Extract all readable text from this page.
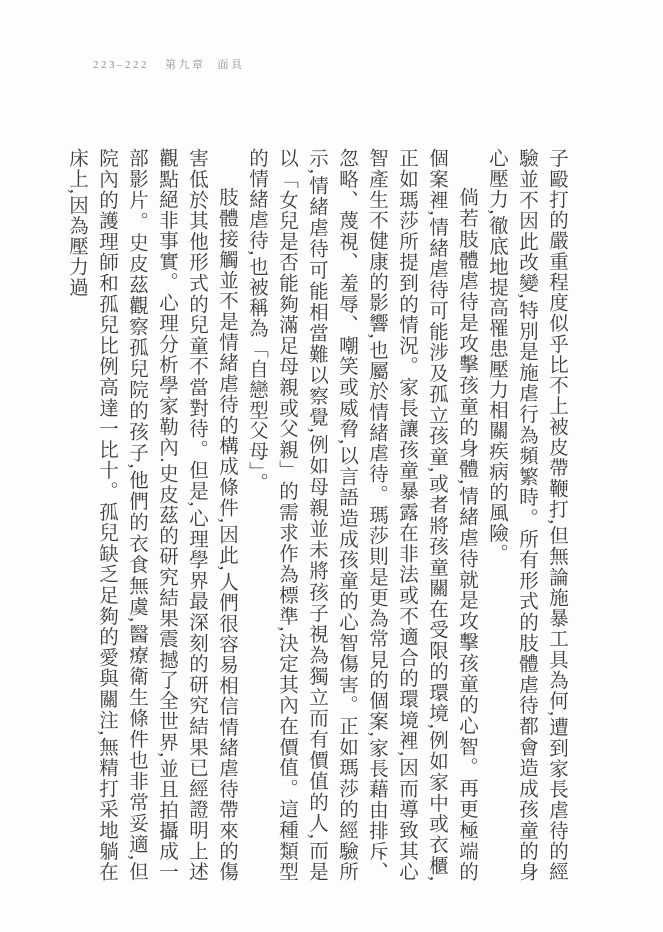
223–222 第九章 面具

子毆打的嚴重程度似乎比不上被皮帶鞭打,但無論施暴工具為何,遭到家長虐待的經驗並不因此改變,特別是施虐行為頻繁時。所有形式的肢體虐待都會造成孩童的身心壓力,徹底地提高罹患壓力相關疾病的風險。

倘若肢體虐待是攻擊孩童的身體,情緒虐待就是攻擊孩童的心智。再更極端的個案裡,情緒虐待可能涉及孤立孩童,或者將孩童關在受限的環境,例如家中或衣櫃,正如瑪莎所提到的情況。家長讓孩童暴露在非法或不適合的環境裡,因而導致其心智產生不健康的影響,也屬於情緒虐待。瑪莎則是更為常見的個案,家長藉由排斥、忽略、蔑視、羞辱、嘲笑或威脅,以言語造成孩童的心智傷害。正如瑪莎的經驗所示,情緒虐待可能相當難以察覺,例如母親並未將孩子視為獨立而有價值的人,而是以「女兒是否能夠滿足母親或父親」的需求作為標準,決定其內在價值。這種類型的情緒虐待,也被稱為「自戀型父母」。

肢體接觸並不是情緒虐待的構成條件,因此,人們很容易相信情緒虐待帶來的傷害低於其他形式的兒童不當對待。但是,心理學界最深刻的研究結果已經證明上述觀點絕非事實。心理分析學家勒內.史皮茲的研究結果震撼了全世界,並且拍攝成一部影片。史皮茲觀察孤兒院的孩子,他們的衣食無虞,醫療衛生條件也非常妥適,但院內的護理師和孤兒比例高達一比十。孤兒缺乏足夠的愛與關注,無精打采地躺在床上,因為壓力過
